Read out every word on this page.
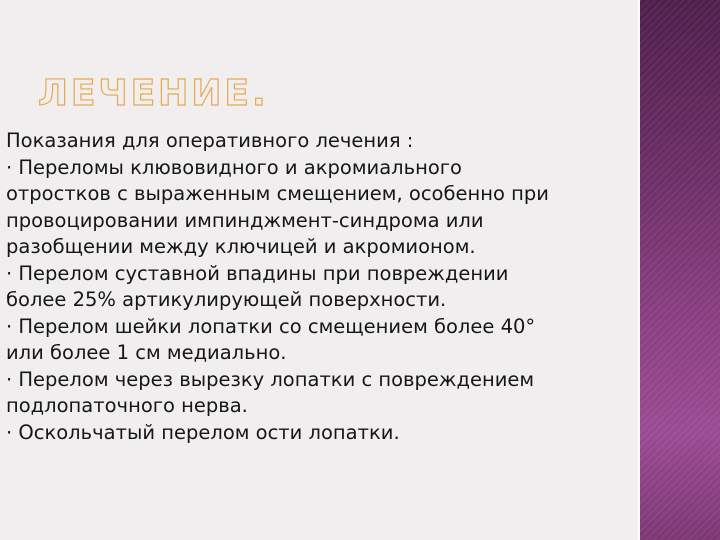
ЛЕЧЕНИЕ.
Показания для оперативного лечения :
· Переломы клювовидного и акромиального
отростков с выраженным смещением, особенно при
провоцировании импинджмент-синдрома или
разобщении между ключицей и акромионом.
· Перелом суставной впадины при повреждении
более 25% артикулирующей поверхности.
· Перелом шейки лопатки со смещением более 40°
или более 1 см медиально.
· Перелом через вырезку лопатки с повреждением
подлопаточного нерва.
· Оскольчатый перелом ости лопатки.
